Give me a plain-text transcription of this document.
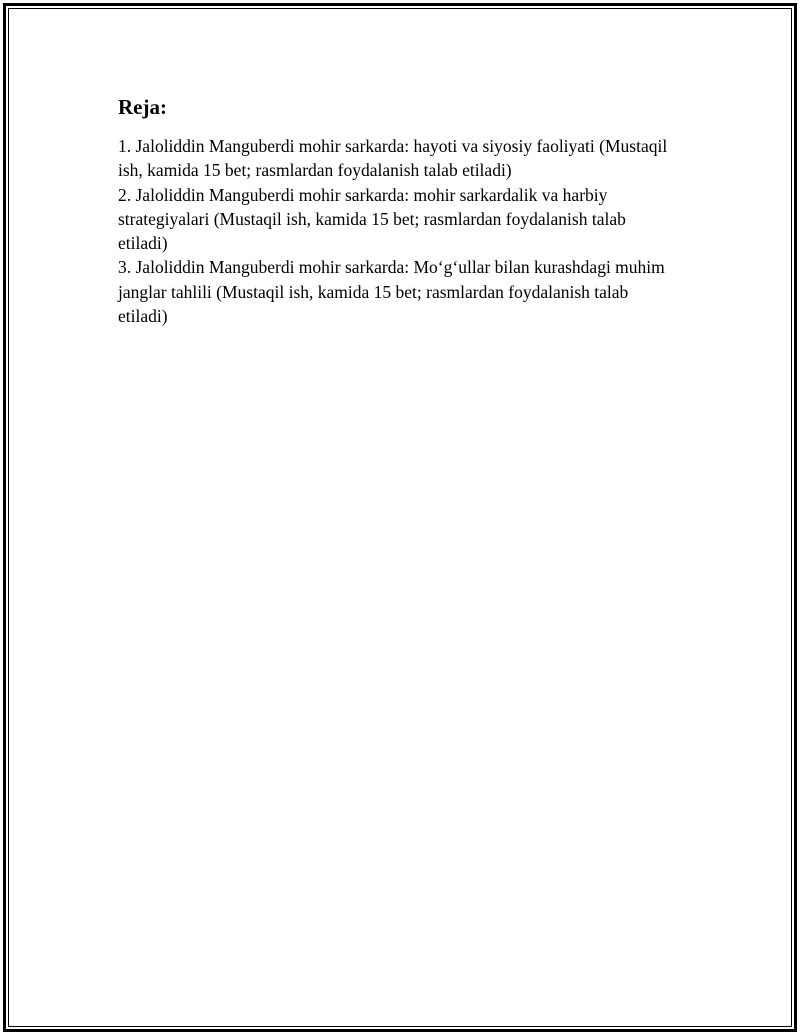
Reja:
1. Jaloliddin Manguberdi mohir sarkarda: hayoti va siyosiy faoliyati (Mustaqil ish, kamida 15 bet; rasmlardan foydalanish talab etiladi)
2. Jaloliddin Manguberdi mohir sarkarda: mohir sarkardalik va harbiy strategiyalari (Mustaqil ish, kamida 15 bet; rasmlardan foydalanish talab etiladi)
3. Jaloliddin Manguberdi mohir sarkarda: Moʻgʻullar bilan kurashdagi muhim janglar tahlili (Mustaqil ish, kamida 15 bet; rasmlardan foydalanish talab etiladi)
